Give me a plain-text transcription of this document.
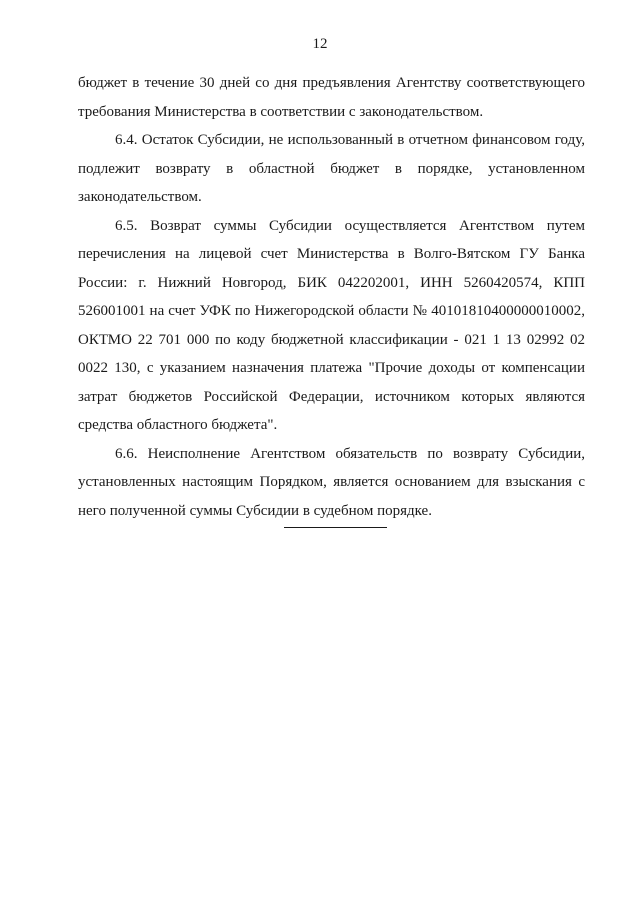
12

бюджет в течение 30 дней со дня предъявления Агентству соответствующего требования Министерства в соответствии с законодательством.

6.4. Остаток Субсидии, не использованный в отчетном финансовом году, подлежит возврату в областной бюджет в порядке, установленном законодательством.

6.5. Возврат суммы Субсидии осуществляется Агентством путем перечисления на лицевой счет Министерства в Волго-Вятском ГУ Банка России: г. Нижний Новгород, БИК 042202001, ИНН 5260420574, КПП 526001001 на счет УФК по Нижегородской области № 40101810400000010002, ОКТМО 22 701 000 по коду бюджетной классификации - 021 1 13 02992 02 0022 130, с указанием назначения платежа "Прочие доходы от компенсации затрат бюджетов Российской Федерации, источником которых являются средства областного бюджета".

6.6. Неисполнение Агентством обязательств по возврату Субсидии, установленных настоящим Порядком, является основанием для взыскания с него полученной суммы Субсидии в судебном порядке.
